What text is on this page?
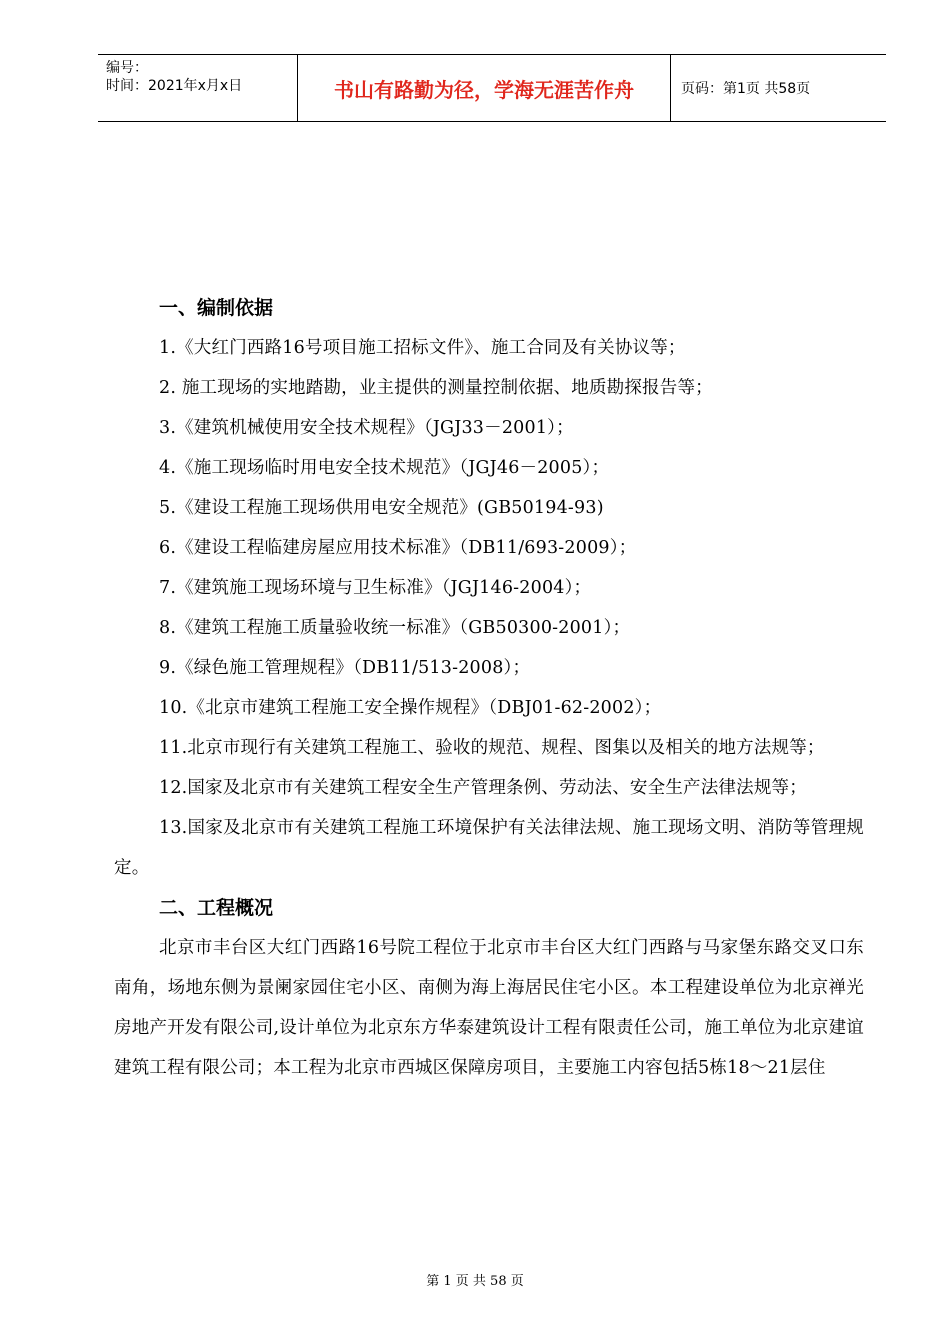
编号：
时间：2021年x月x日	书山有路勤为径，学海无涯苦作舟	页码：第1页 共58页
一、编制依据

1.《大红门西路16号项目施工招标文件》、施工合同及有关协议等；

2. 施工现场的实地踏勘，业主提供的测量控制依据、地质勘探报告等；

3.《建筑机械使用安全技术规程》（JGJ33－2001）；

4.《施工现场临时用电安全技术规范》（JGJ46－2005）；

5.《建设工程施工现场供用电安全规范》(GB50194-93)

6.《建设工程临建房屋应用技术标准》（DB11/693-2009）；

7.《建筑施工现场环境与卫生标准》（JGJ146-2004）；

8.《建筑工程施工质量验收统一标准》（GB50300-2001）；

9.《绿色施工管理规程》（DB11/513-2008）；

10.《北京市建筑工程施工安全操作规程》（DBJ01-62-2002）；

11.北京市现行有关建筑工程施工、验收的规范、规程、图集以及相关的地方法规等；

12.国家及北京市有关建筑工程安全生产管理条例、劳动法、安全生产法律法规等；

13.国家及北京市有关建筑工程施工环境保护有关法律法规、施工现场文明、消防等管理规定。

二、工程概况

北京市丰台区大红门西路16号院工程位于北京市丰台区大红门西路与马家堡东路交叉口东南角，场地东侧为景阑家园住宅小区、南侧为海上海居民住宅小区。本工程建设单位为北京禅光房地产开发有限公司,设计单位为北京东方华泰建筑设计工程有限责任公司，施工单位为北京建谊建筑工程有限公司；本工程为北京市西城区保障房项目，主要施工内容包括5栋18～21层住

第 1 页 共 58 页
